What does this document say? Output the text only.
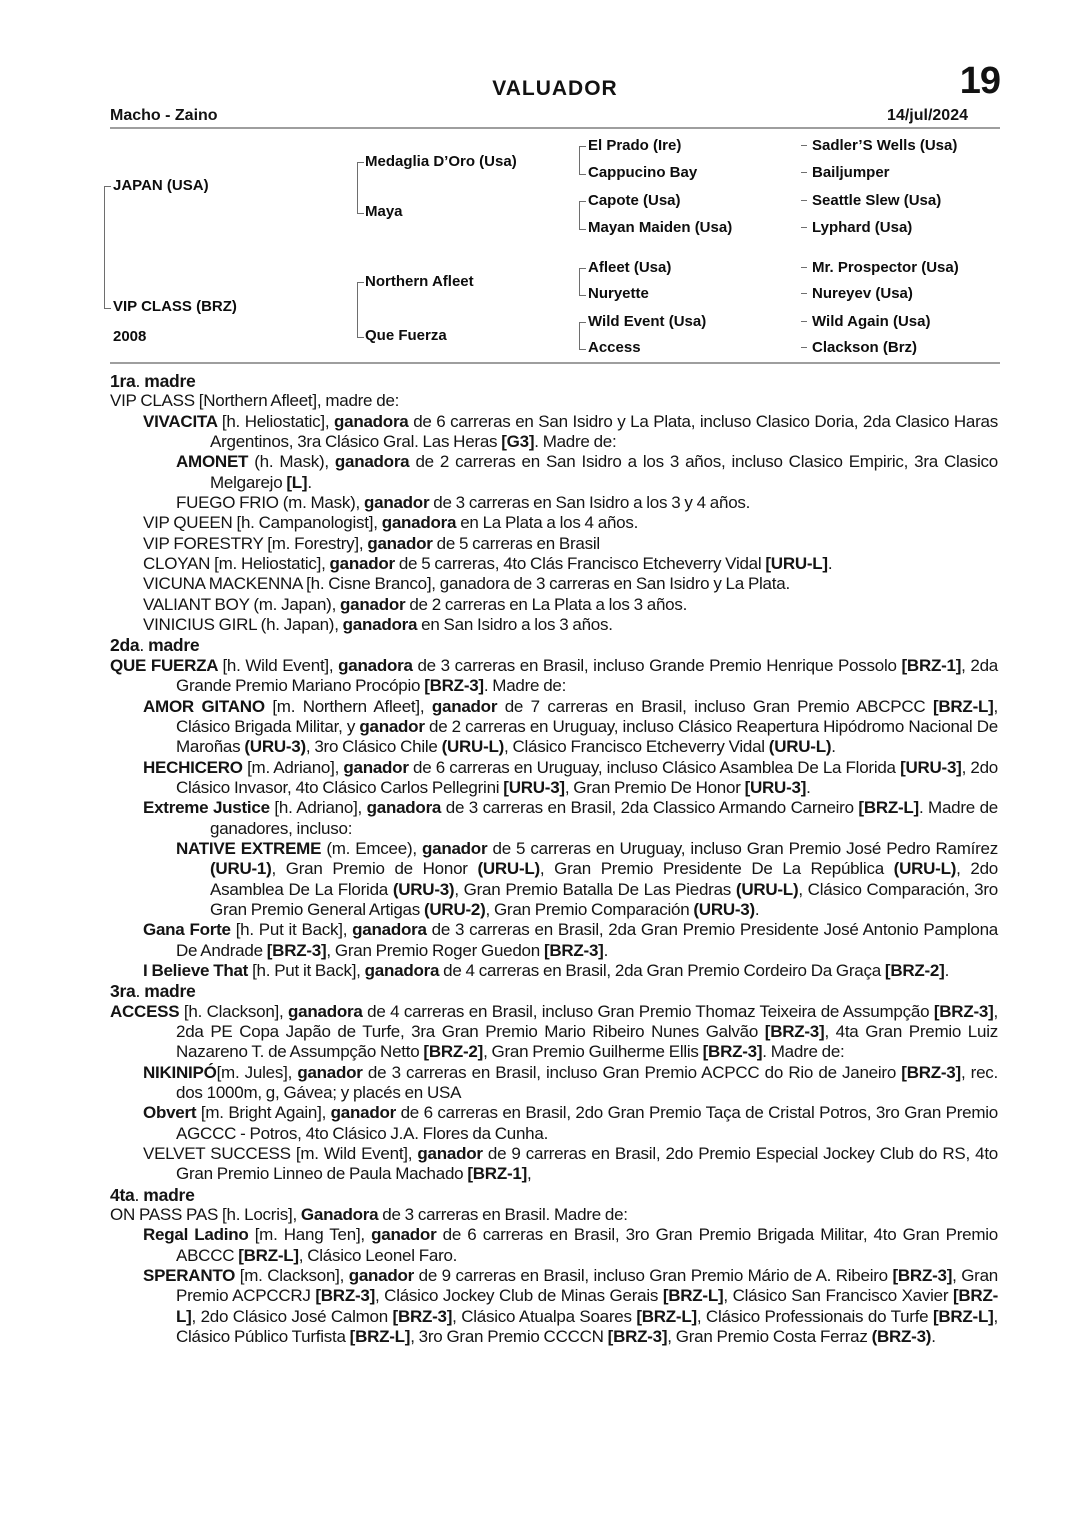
VALUADOR	19
Macho - Zaino	14/jul/2024
JAPAN (USA)
VIP CLASS (BRZ)
2008
Medaglia D’Oro (Usa)
Maya
Northern Afleet
Que Fuerza
El Prado (Ire)
Cappucino Bay
Capote (Usa)
Mayan Maiden (Usa)
Afleet (Usa)
Nuryette
Wild Event (Usa)
Access
Sadler’S Wells (Usa)
Bailjumper
Seattle Slew (Usa)
Lyphard (Usa)
Mr. Prospector (Usa)
Nureyev (Usa)
Wild Again (Usa)
Clackson (Brz)
1ra. madre
VIP CLASS [Northern Afleet], madre de:
VIVACITA [h. Heliostatic], ganadora de 6 carreras en San Isidro y La Plata, incluso Clasico Doria, 2da Clasico Haras Argentinos, 3ra Clásico Gral. Las Heras [G3]. Madre de:
AMONET (h. Mask), ganadora de 2 carreras en San Isidro a los 3 años, incluso Clasico Empiric, 3ra Clasico Melgarejo [L].
FUEGO FRIO (m. Mask), ganador de 3 carreras en San Isidro a los 3 y 4 años.
VIP QUEEN [h. Campanologist], ganadora en La Plata a los 4 años.
VIP FORESTRY [m. Forestry], ganador de 5 carreras en Brasil
CLOYAN [m. Heliostatic], ganador de 5 carreras, 4to Clás Francisco Etcheverry Vidal [URU-L].
VICUNA MACKENNA [h. Cisne Branco], ganadora de 3 carreras en San Isidro y La Plata.
VALIANT BOY (m. Japan), ganador de 2 carreras en La Plata a los 3 años.
VINICIUS GIRL (h. Japan), ganadora en San Isidro a los 3 años.
2da. madre
QUE FUERZA [h. Wild Event], ganadora de 3 carreras en Brasil, incluso Grande Premio Henrique Possolo [BRZ-1], 2da Grande Premio Mariano Procópio [BRZ-3]. Madre de:
AMOR GITANO [m. Northern Afleet], ganador de 7 carreras en Brasil, incluso Gran Premio ABCPCC [BRZ-L], Clásico Brigada Militar, y ganador de 2 carreras en Uruguay, incluso Clásico Reapertura Hipódromo Nacional De Maroñas (URU-3), 3ro Clásico Chile (URU-L), Clásico Francisco Etcheverry Vidal (URU-L).
HECHICERO [m. Adriano], ganador de 6 carreras en Uruguay, incluso Clásico Asamblea De La Florida [URU-3], 2do Clásico Invasor, 4to Clásico Carlos Pellegrini [URU-3], Gran Premio De Honor [URU-3].
Extreme Justice [h. Adriano], ganadora de 3 carreras en Brasil, 2da Classico Armando Carneiro [BRZ-L]. Madre de ganadores, incluso:
NATIVE EXTREME (m. Emcee), ganador de 5 carreras en Uruguay, incluso Gran Premio José Pedro Ramírez (URU-1), Gran Premio de Honor (URU-L), Gran Premio Presidente De La República (URU-L), 2do Asamblea De La Florida (URU-3), Gran Premio Batalla De Las Piedras (URU-L), Clásico Comparación, 3ro Gran Premio General Artigas (URU-2), Gran Premio Comparación (URU-3).
Gana Forte [h. Put it Back], ganadora de 3 carreras en Brasil, 2da Gran Premio Presidente José Antonio Pamplona De Andrade [BRZ-3], Gran Premio Roger Guedon [BRZ-3].
I Believe That [h. Put it Back], ganadora de 4 carreras en Brasil, 2da Gran Premio Cordeiro Da Graça [BRZ-2].
3ra. madre
ACCESS [h. Clackson], ganadora de 4 carreras en Brasil, incluso Gran Premio Thomaz Teixeira de Assumpção [BRZ-3], 2da PE Copa Japão de Turfe, 3ra Gran Premio Mario Ribeiro Nunes Galvão [BRZ-3], 4ta Gran Premio Luiz Nazareno T. de Assumpção Netto [BRZ-2], Gran Premio Guilherme Ellis [BRZ-3]. Madre de:
NIKINIPÓ[m. Jules], ganador de 3 carreras en Brasil, incluso Gran Premio ACPCC do Rio de Janeiro [BRZ-3], rec. dos 1000m, g, Gávea; y placés en USA
Obvert [m. Bright Again], ganador de 6 carreras en Brasil, 2do Gran Premio Taça de Cristal Potros, 3ro Gran Premio AGCCC - Potros, 4to Clásico J.A. Flores da Cunha.
VELVET SUCCESS [m. Wild Event], ganador de 9 carreras en Brasil, 2do Premio Especial Jockey Club do RS, 4to Gran Premio Linneo de Paula Machado [BRZ-1],
4ta. madre
ON PASS PAS [h. Locris], Ganadora de 3 carreras en Brasil. Madre de:
Regal Ladino [m. Hang Ten], ganador de 6 carreras en Brasil, 3ro Gran Premio Brigada Militar, 4to Gran Premio ABCCC [BRZ-L], Clásico Leonel Faro.
SPERANTO [m. Clackson], ganador de 9 carreras en Brasil, incluso Gran Premio Mário de A. Ribeiro [BRZ-3], Gran Premio ACPCCRJ [BRZ-3], Clásico Jockey Club de Minas Gerais [BRZ-L], Clásico San Francisco Xavier [BRZ-L], 2do Clásico José Calmon [BRZ-3], Clásico Atualpa Soares [BRZ-L], Clásico Professionais do Turfe [BRZ-L], Clásico Público Turfista [BRZ-L], 3ro Gran Premio CCCCN [BRZ-3], Gran Premio Costa Ferraz (BRZ-3).
